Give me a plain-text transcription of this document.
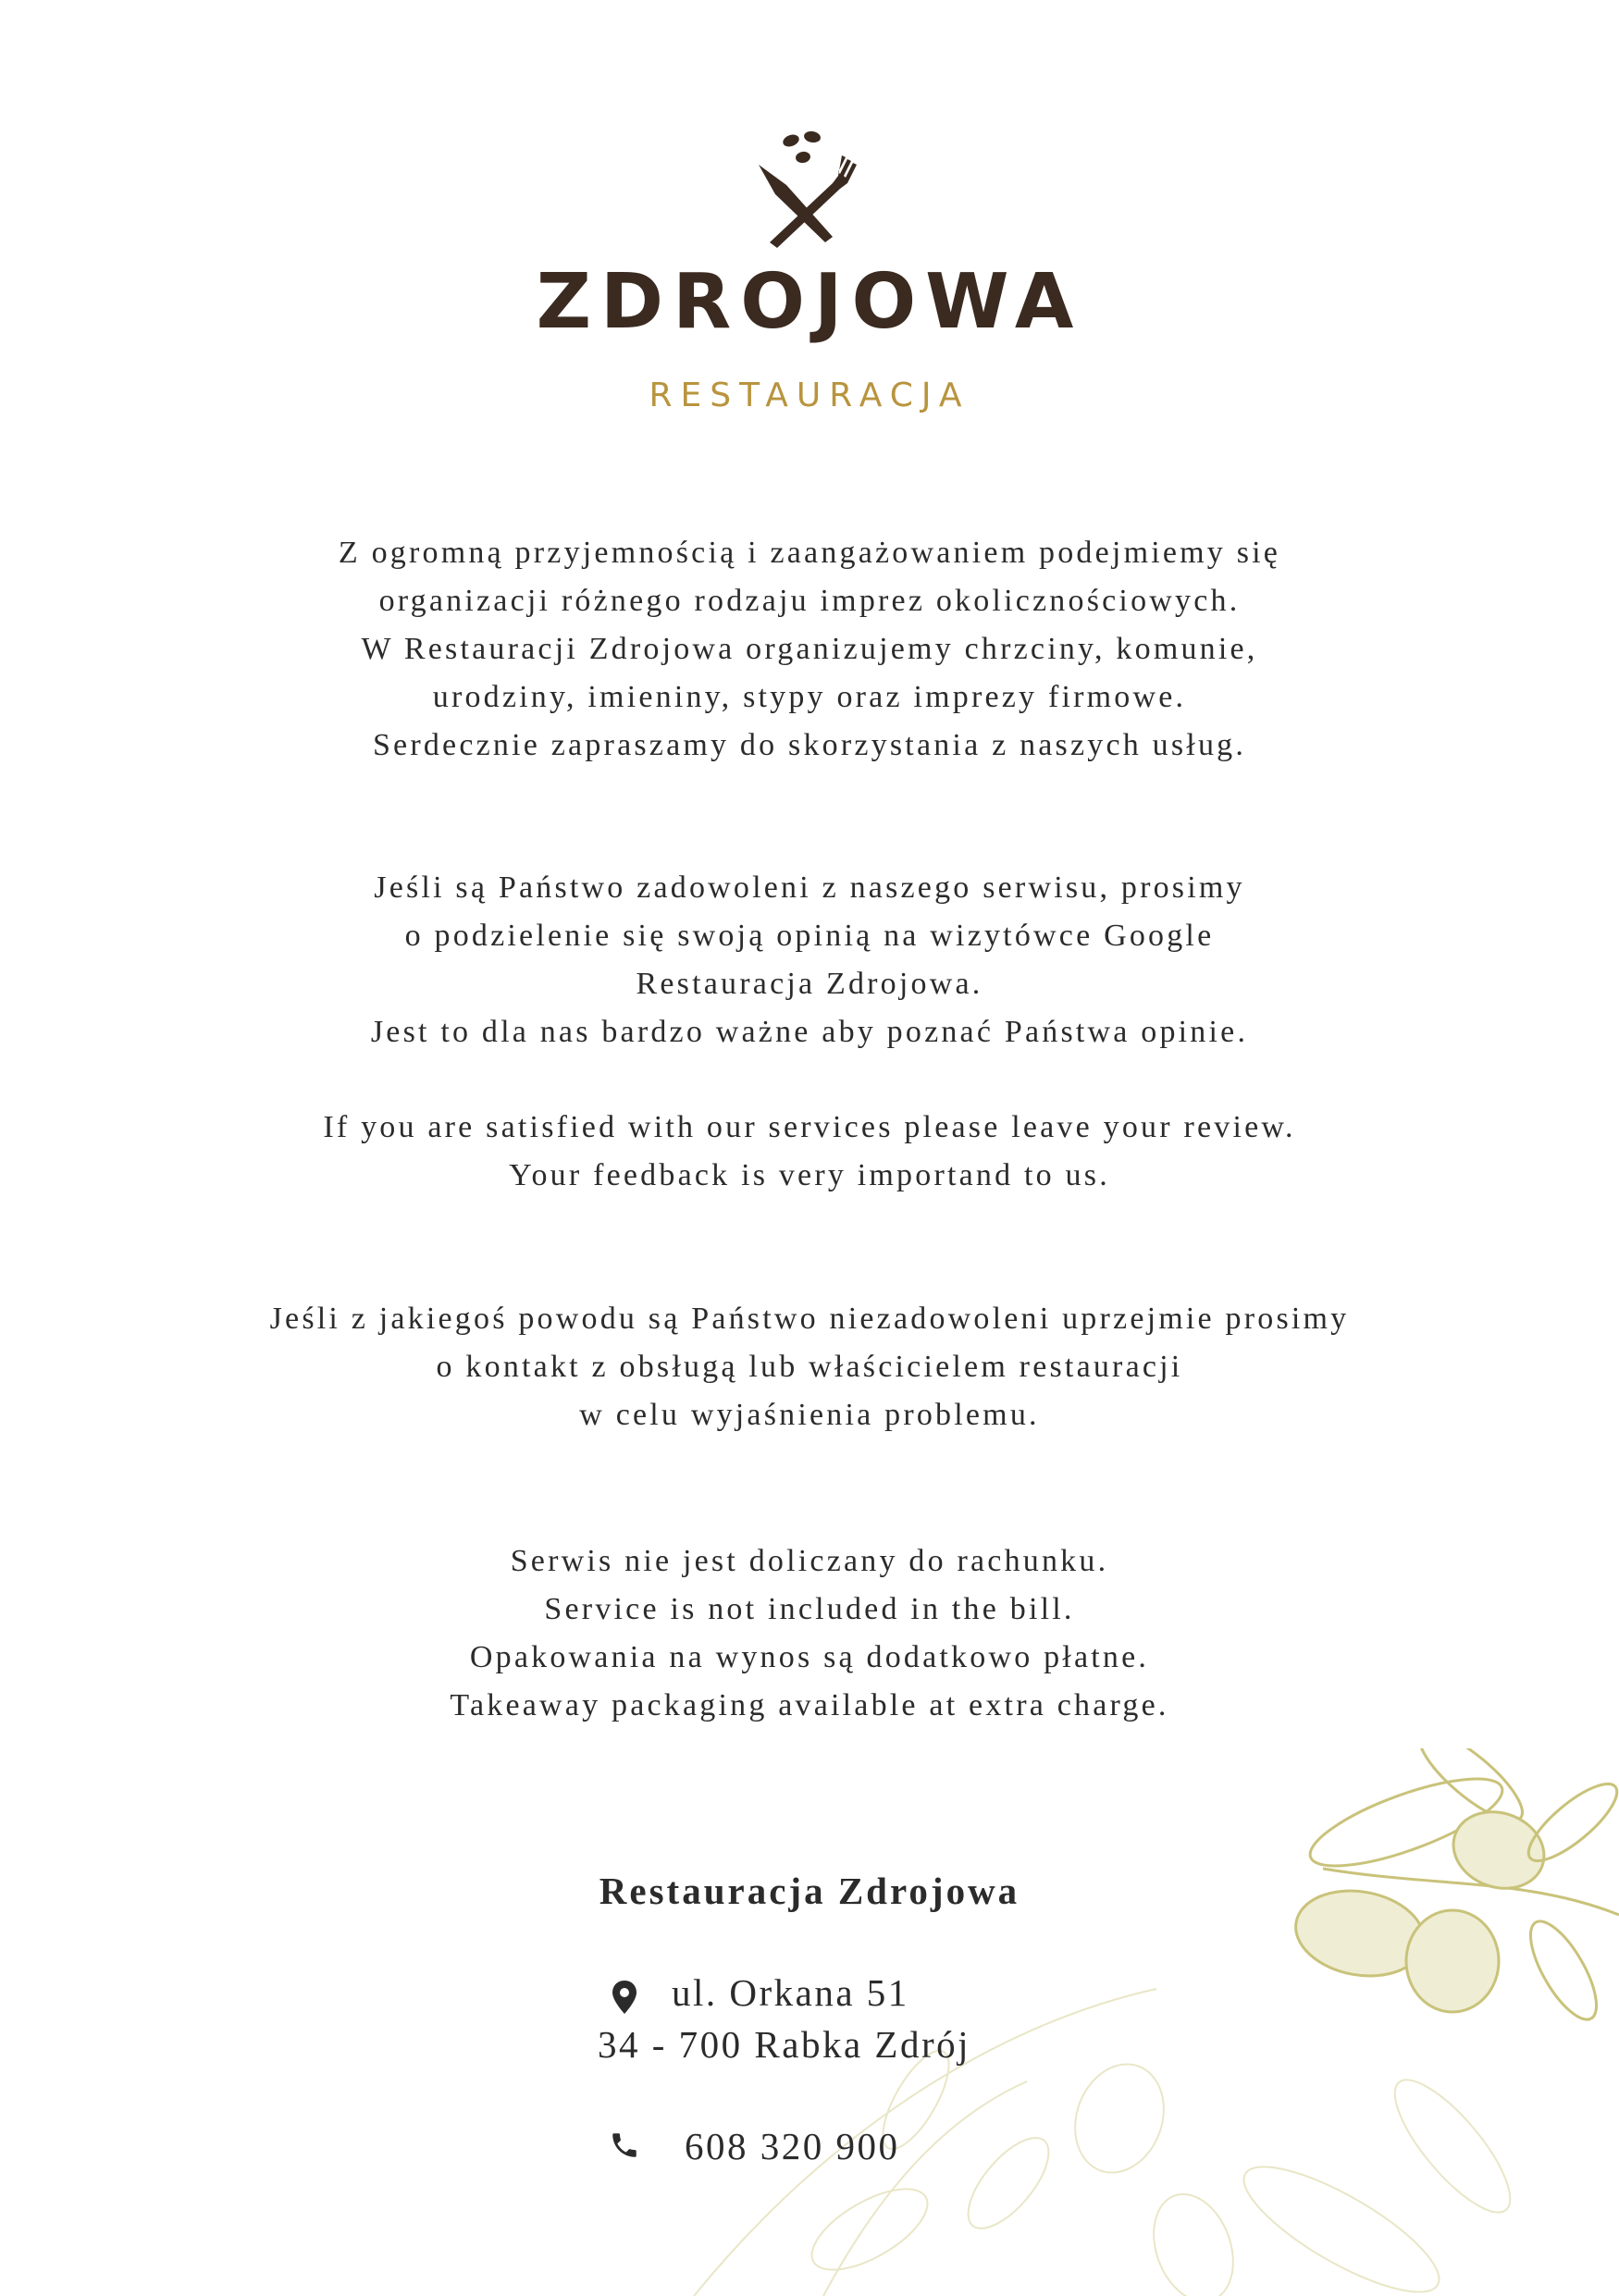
ZDROJOWA
RESTAURACJA
Z ogromną przyjemnością i zaangażowaniem podejmiemy się
organizacji różnego rodzaju imprez okolicznościowych.
W Restauracji Zdrojowa organizujemy chrzciny, komunie,
urodziny, imieniny, stypy oraz imprezy firmowe.
Serdecznie zapraszamy do skorzystania z naszych usług.
Jeśli są Państwo zadowoleni z naszego serwisu, prosimy
o podzielenie się swoją opinią na wizytówce Google
Restauracja Zdrojowa.
Jest to dla nas bardzo ważne aby poznać Państwa opinie.
If you are satisfied with our services please leave your review.
Your feedback is very importand to us.
Jeśli z jakiegoś powodu są Państwo niezadowoleni uprzejmie prosimy
o kontakt z obsługą lub właścicielem restauracji
w celu wyjaśnienia problemu.
Serwis nie jest doliczany do rachunku.
Service is not included in the bill.
Opakowania na wynos są dodatkowo płatne.
Takeaway packaging available at extra charge.
Restauracja Zdrojowa
ul. Orkana 51
34 - 700 Rabka Zdrój
608 320 900
